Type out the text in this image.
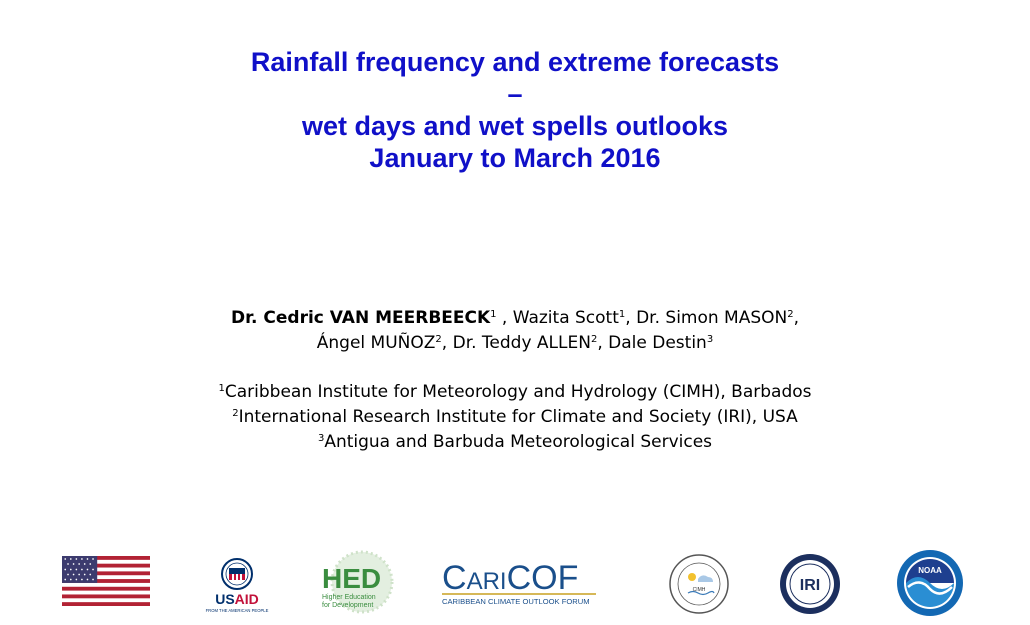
Rainfall frequency and extreme forecasts
–
wet days and wet spells outlooks
January to March 2016
Dr. Cedric VAN MEERBEECK$^1$ , Wazita Scott$^1$, Dr. Simon MASON$^2$,
Ángel MUÑOZ$^2$, Dr. Teddy ALLEN$^2$, Dale Destin$^3$
$^1$Caribbean Institute for Meteorology and Hydrology (CIMH), Barbados
$^2$International Research Institute for Climate and Society (IRI), USA
$^3$Antigua and Barbuda Meteorological Services
USAID
FROM THE AMERICAN PEOPLE
HED
Higher Education
for Development
CARICOF
CARIBBEAN CLIMATE OUTLOOK FORUM
CIMH	IRI
NOAA
